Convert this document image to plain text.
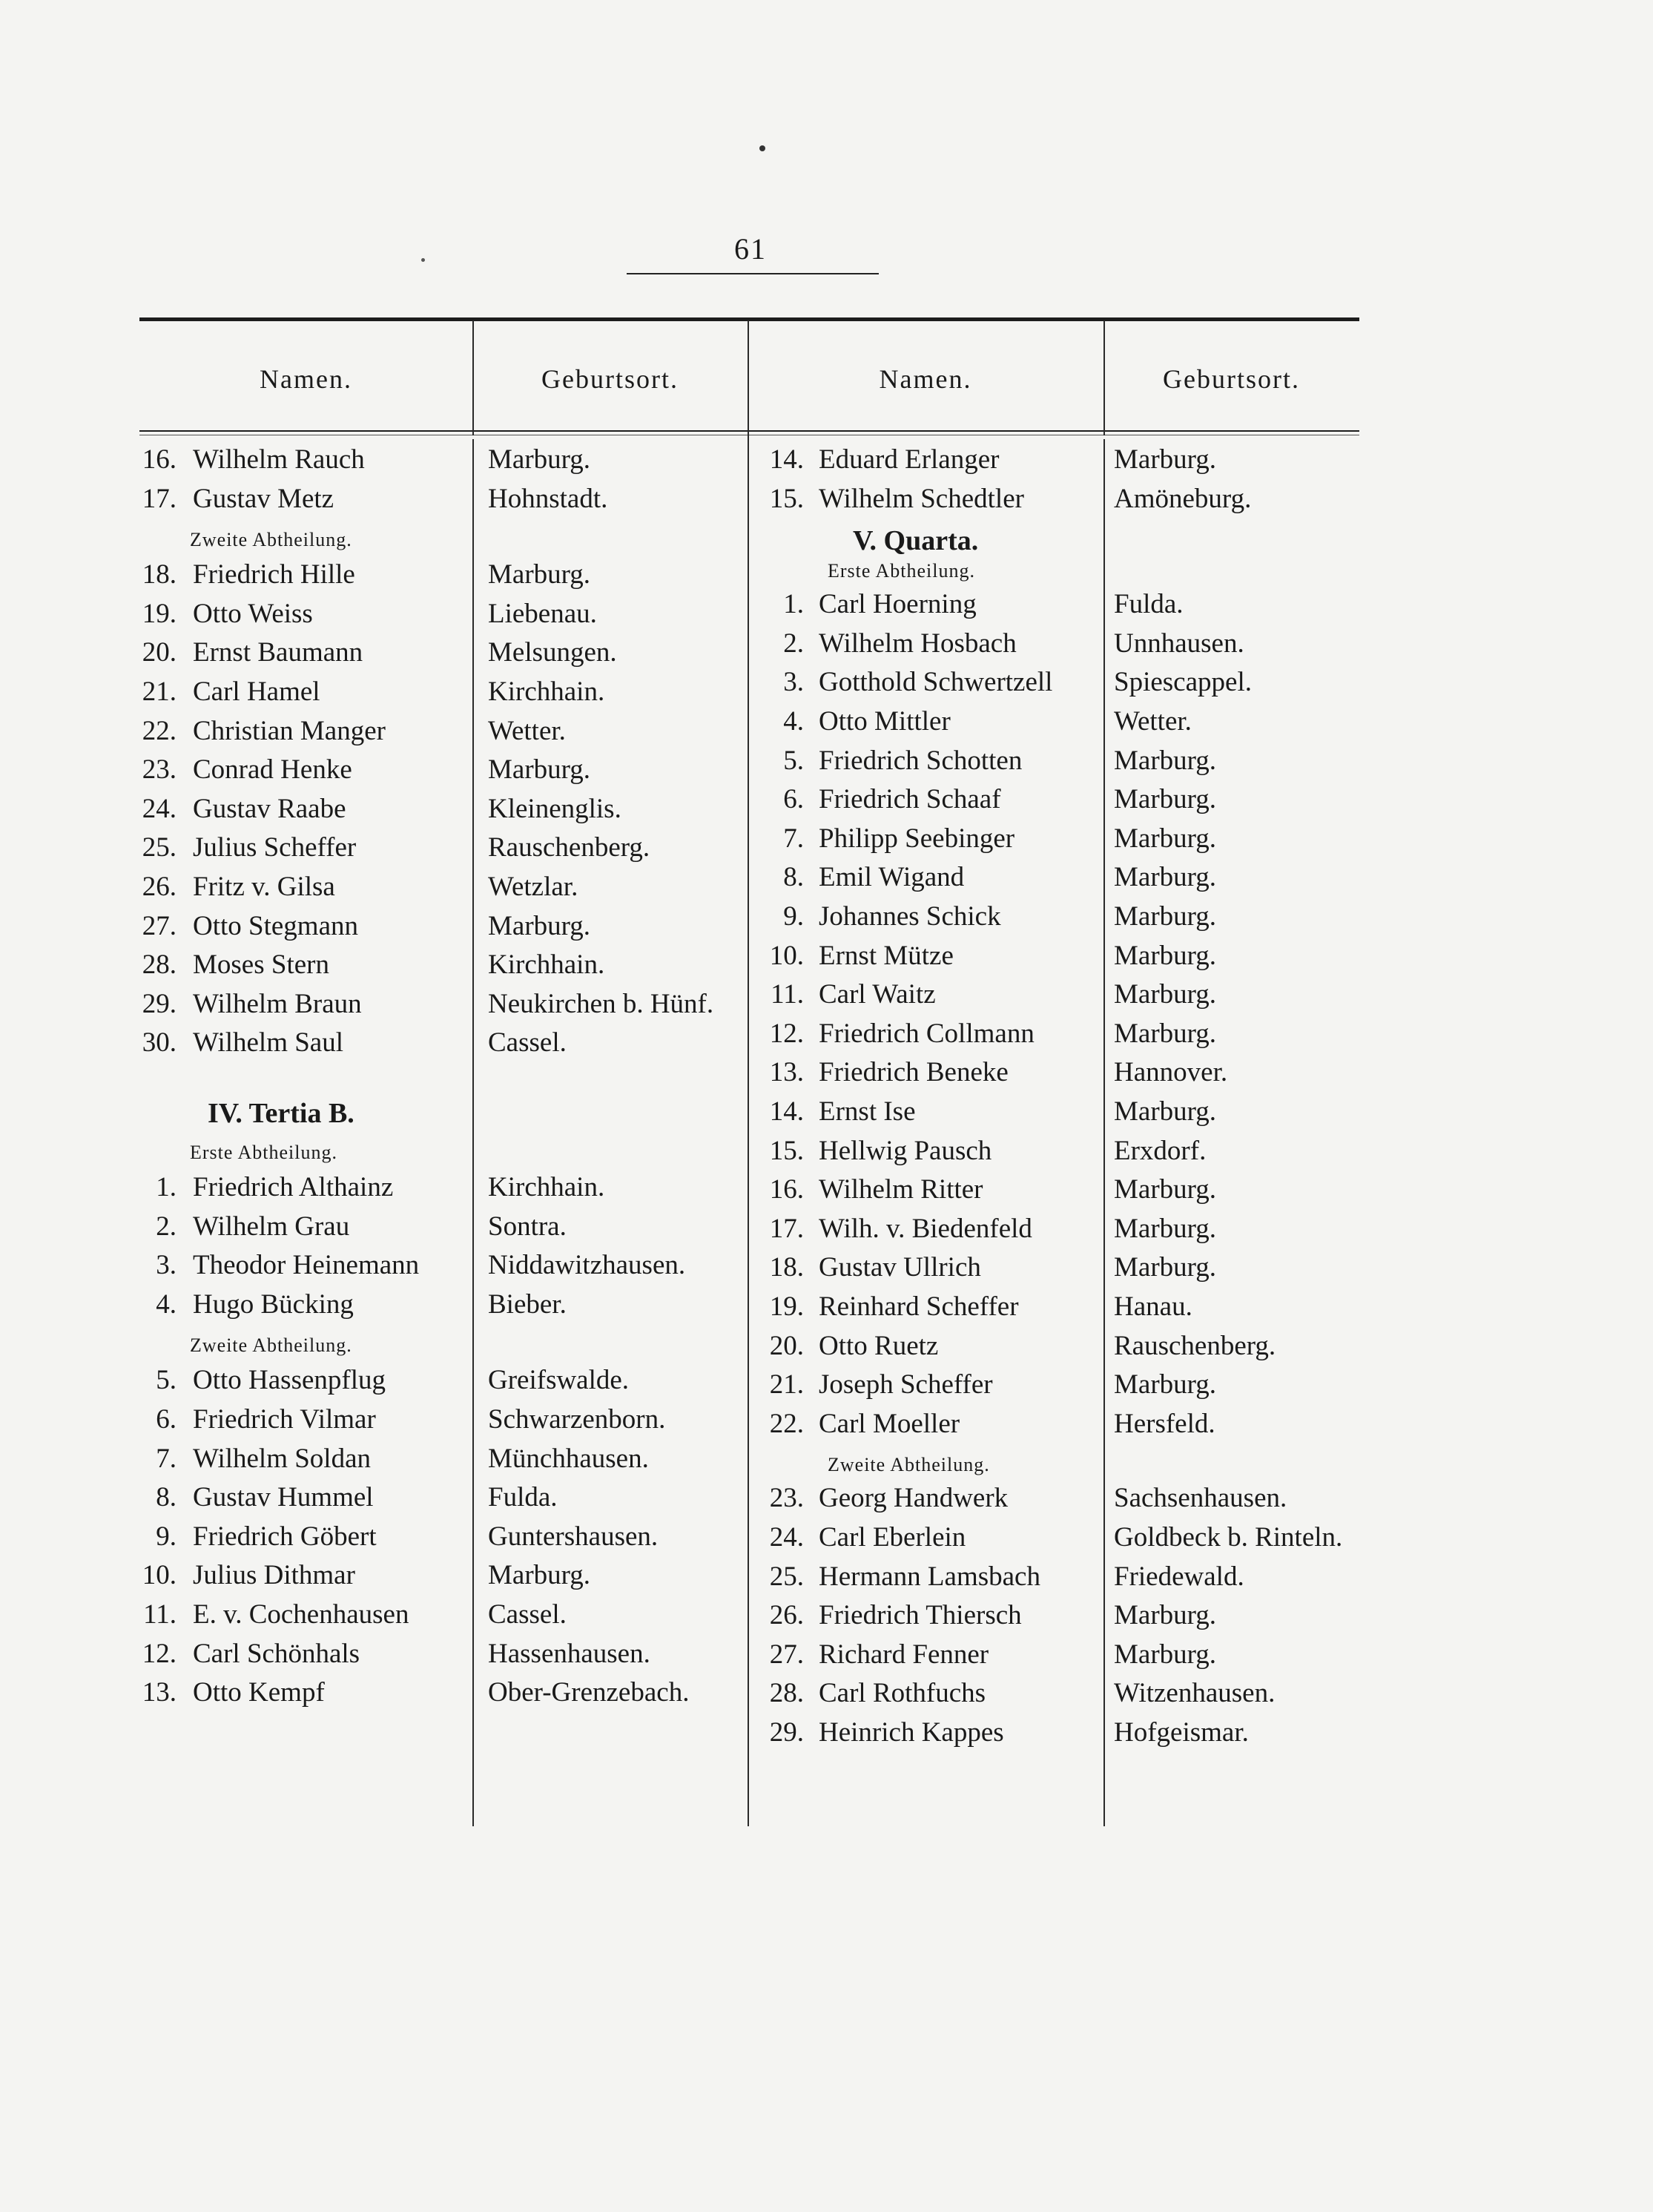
61
Namen.	Geburtsort.	Namen.	Geburtsort.
16. Wilhelm Rauch	Marburg.
17. Gustav Metz	Hohnstadt.
Zweite Abtheilung.
18. Friedrich Hille	Marburg.
19. Otto Weiss	Liebenau.
20. Ernst Baumann	Melsungen.
21. Carl Hamel	Kirchhain.
22. Christian Manger	Wetter.
23. Conrad Henke	Marburg.
24. Gustav Raabe	Kleinenglis.
25. Julius Scheffer	Rauschenberg.
26. Fritz v. Gilsa	Wetzlar.
27. Otto Stegmann	Marburg.
28. Moses Stern	Kirchhain.
29. Wilhelm Braun	Neukirchen b. Hünf.
30. Wilhelm Saul	Cassel.
IV. Tertia B.
Erste Abtheilung.
1. Friedrich Althainz	Kirchhain.
2. Wilhelm Grau	Sontra.
3. Theodor Heinemann	Niddawitzhausen.
4. Hugo Bücking	Bieber.
Zweite Abtheilung.
5. Otto Hassenpflug	Greifswalde.
6. Friedrich Vilmar	Schwarzenborn.
7. Wilhelm Soldan	Münchhausen.
8. Gustav Hummel	Fulda.
9. Friedrich Göbert	Guntershausen.
10. Julius Dithmar	Marburg.
11. E. v. Cochenhausen	Cassel.
12. Carl Schönhals	Hassenhausen.
13. Otto Kempf	Ober-Grenzebach.
14. Eduard Erlanger	Marburg.
15. Wilhelm Schedtler	Amöneburg.
V. Quarta.
Erste Abtheilung.
1. Carl Hoerning	Fulda.
2. Wilhelm Hosbach	Unnhausen.
3. Gotthold Schwertzell Spiescappel.
4. Otto Mittler	Wetter.
5. Friedrich Schotten	Marburg.
6. Friedrich Schaaf	Marburg.
7. Philipp Seebinger	Marburg.
8. Emil Wigand	Marburg.
9. Johannes Schick	Marburg.
10. Ernst Mütze	Marburg.
11. Carl Waitz	Marburg.
12. Friedrich Collmann	Marburg.
13. Friedrich Beneke	Hannover.
14. Ernst Ise	Marburg.
15. Hellwig Pausch	Erxdorf.
16. Wilhelm Ritter	Marburg.
17. Wilh. v. Biedenfeld	Marburg.
18. Gustav Ullrich	Marburg.
19. Reinhard Scheffer	Hanau.
20. Otto Ruetz	Rauschenberg.
21. Joseph Scheffer	Marburg.
22. Carl Moeller	Hersfeld.
Zweite Abtheilung.
23. Georg Handwerk	Sachsenhausen.
24. Carl Eberlein	Goldbeck b. Rinteln.
25. Hermann Lamsbach	Friedewald.
26. Friedrich Thiersch	Marburg.
27. Richard Fenner	Marburg.
28. Carl Rothfuchs	Witzenhausen.
29. Heinrich Kappes	Hofgeismar.
